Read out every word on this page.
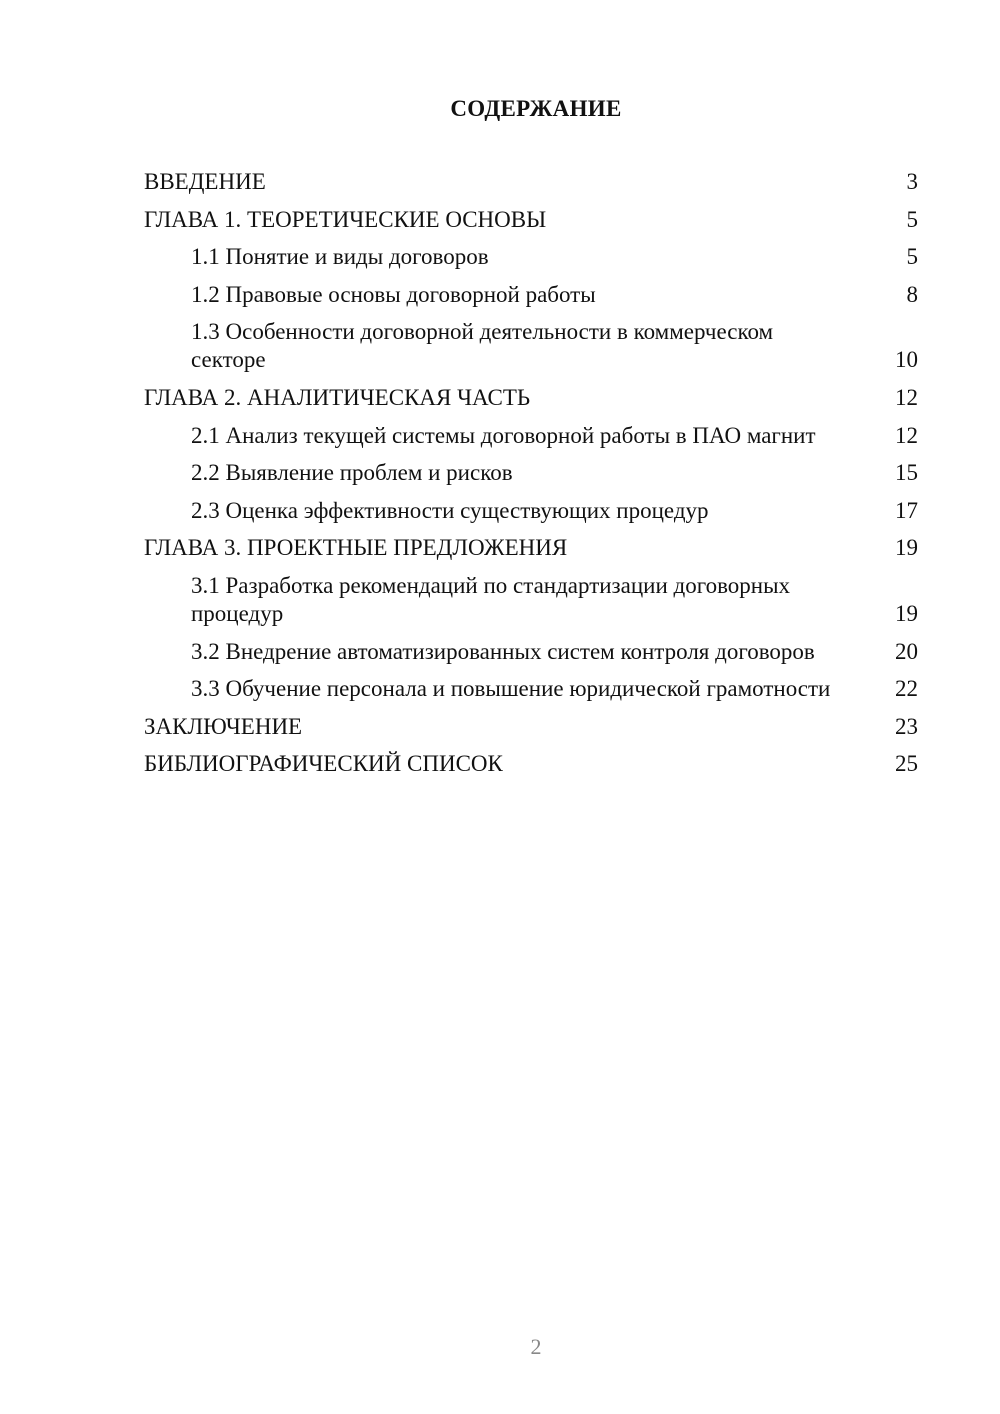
СОДЕРЖАНИЕ
ВВЕДЕНИЕ	3
ГЛАВА 1. ТЕОРЕТИЧЕСКИЕ ОСНОВЫ	5
1.1 Понятие и виды договоров	5
1.2 Правовые основы договорной работы	8
1.3 Особенности договорной деятельности в коммерческом секторе	10
ГЛАВА 2. АНАЛИТИЧЕСКАЯ ЧАСТЬ	12
2.1 Анализ текущей системы договорной работы в ПАО магнит	12
2.2 Выявление проблем и рисков	15
2.3 Оценка эффективности существующих процедур	17
ГЛАВА 3. ПРОЕКТНЫЕ ПРЕДЛОЖЕНИЯ	19
3.1 Разработка рекомендаций по стандартизации договорных процедур	19
3.2 Внедрение автоматизированных систем контроля договоров	20
3.3 Обучение персонала и повышение юридической грамотности	22
ЗАКЛЮЧЕНИЕ	23
БИБЛИОГРАФИЧЕСКИЙ СПИСОК	25
2
